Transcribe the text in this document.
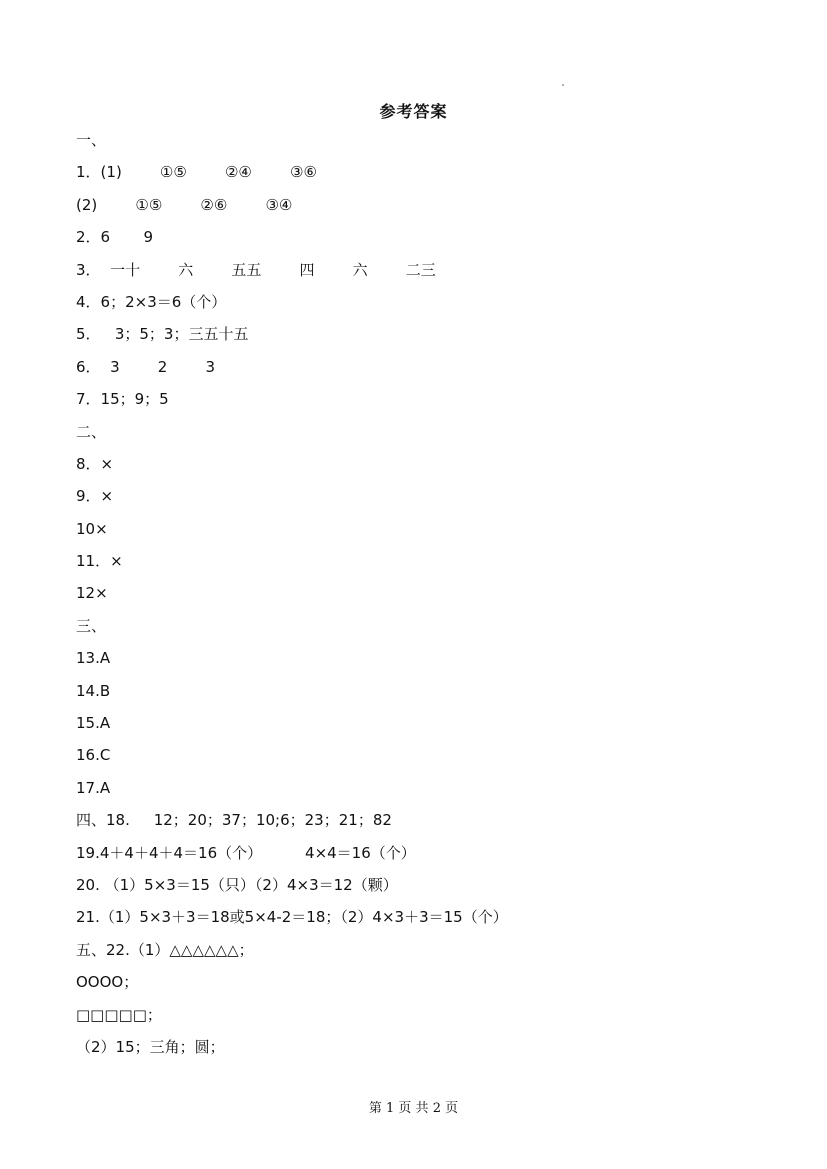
参考答案
一、
1．(1)        ①⑤        ②④        ③⑥
(2)        ①⑤        ②⑥        ③④
2．6       9
3．  一十        六        五五        四        六        二三
4．6；2×3＝6（个）
5．   3；5；3；三五十五
6．  3        2        3
7．15；9；5
二、
8．×
9．×
10×
11．×
12×
三、
13.A
14.B
15.A
16.C
17.A
四、18.     12；20；37；10;6；23；21；82
19.4＋4＋4＋4＝16（个）         4×4＝16（个）
20. （1）5×3＝15（只）（2）4×3＝12（颗）
21.（1）5×3＋3＝18或5×4-2＝18；（2）4×3＋3＝15（个）
五、22.（1）△△△△△△；
OOOO；
□□□□□；
（2）15；三角；圆；
第 1 页 共 2 页
